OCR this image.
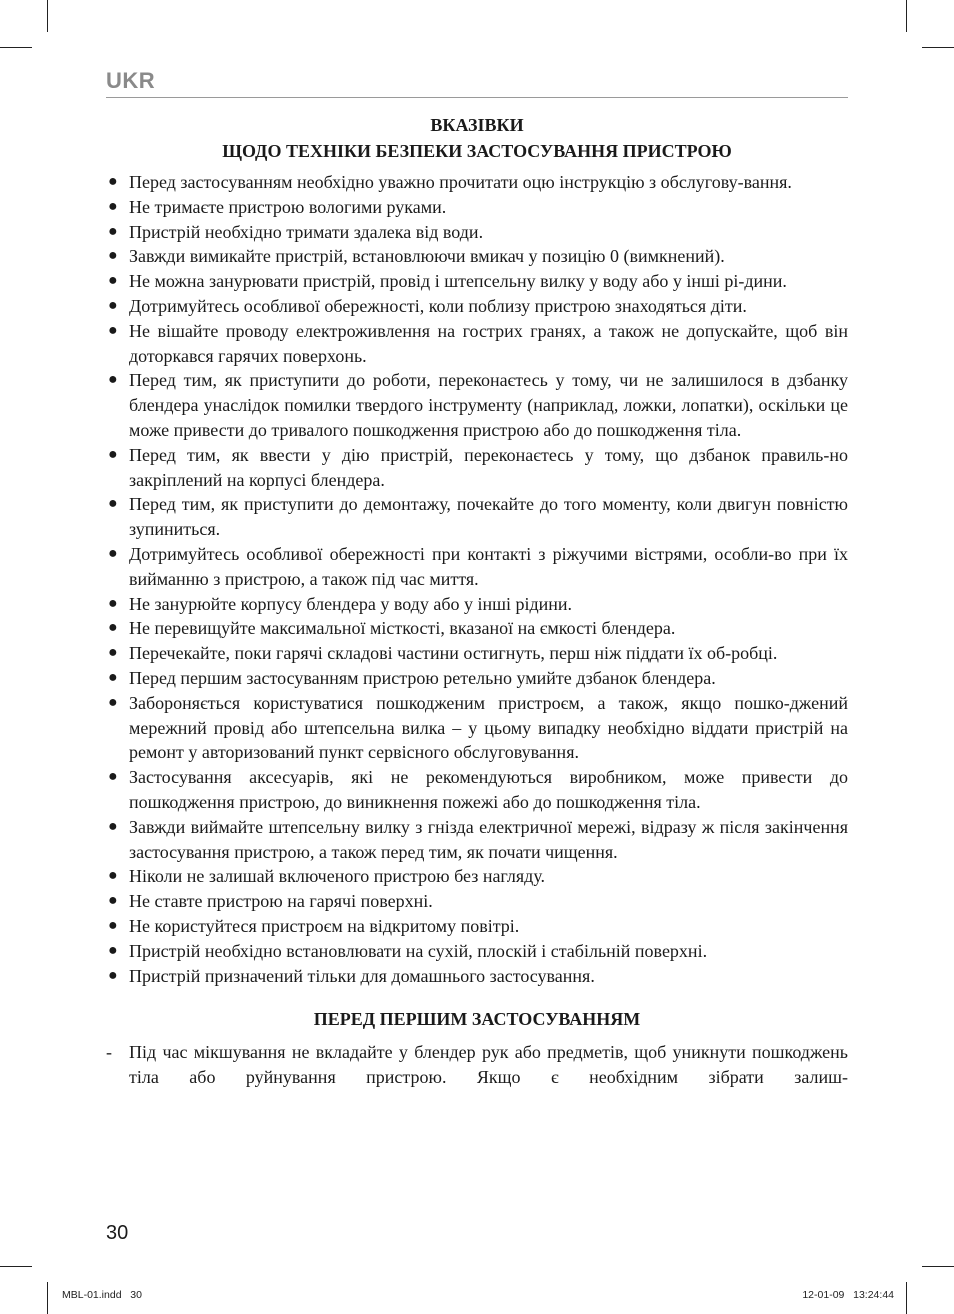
UKR
ВКАЗІВКИ
ЩОДО ТЕХНІКИ БЕЗПЕКИ ЗАСТОСУВАННЯ ПРИСТРОЮ
● Перед застосуванням необхідно уважно прочитати оцю інструкцію з обслугову-вання.
● Не тримаєте пристрою вологими руками.
● Пристрій необхідно тримати здалека від води.
● Завжди вимикайте пристрій, встановлюючи вмикач у позицію 0 (вимкнений).
● Не можна занурювати пристрій, провід і штепсельну вилку у воду або у інші рі-дини.
● Дотримуйтесь особливої обережності, коли поблизу пристрою знаходяться діти.
● Не вішайте проводу електроживлення на гострих гранях, а також не допускайте, щоб він доторкався гарячих поверхонь.
● Перед тим, як приступити до роботи, переконаєтесь у тому, чи не залишилося в дзбанку блендера унаслідок помилки твердого інструменту (наприклад, ложки, лопатки), оскільки це може привести до тривалого пошкодження пристрою або до пошкодження тіла.
● Перед тим, як ввести у дію пристрій, переконаєтесь у тому, що дзбанок правиль-но закріплений на корпусі блендера.
● Перед тим, як приступити до демонтажу, почекайте до того моменту, коли двигун повністю зупиниться.
● Дотримуйтесь особливої обережності при контакті з ріжучими вістрями, особли-во при їх вийманню з пристрою, а також під час миття.
● Не занурюйте корпусу блендера у воду або у інші рідини.
● Не перевищуйте максимальної місткості, вказаної на ємкості блендера.
● Перечекайте, поки гарячі складові частини остигнуть, перш ніж піддати їх об-робці.
● Перед першим застосуванням пристрою ретельно умийте дзбанок блендера.
● Забороняється користуватися пошкодженим пристроєм, а також, якщо пошко-джений мережний провід або штепсельна вилка – у цьому випадку необхідно віддати пристрій на ремонт у авторизований пункт сервісного обслуговування.
● Застосування аксесуарів, які не рекомендуються виробником, може привести до пошкодження пристрою, до виникнення пожежі або до пошкодження тіла.
● Завжди виймайте штепсельну вилку з гнізда електричної мережі, відразу ж після закінчення застосування пристрою, а також перед тим, як почати чищення.
● Ніколи не залишай включеного пристрою без нагляду.
● Не ставте пристрою на гарячі поверхні.
● Не користуйтеся пристроєм на відкритому повітрі.
● Пристрій необхідно встановлювати на сухій, плоскій і стабільній поверхні.
● Пристрій призначений тільки для домашнього застосування.
ПЕРЕД ПЕРШИМ ЗАСТОСУВАННЯМ
- Під час мікшування не вкладайте у блендер рук або предметів, щоб уникнути пошкоджень тіла або руйнування пристрою. Якщо є необхідним зібрати залиш-
30
MBL-01.indd   30	12-01-09   13:24:44
